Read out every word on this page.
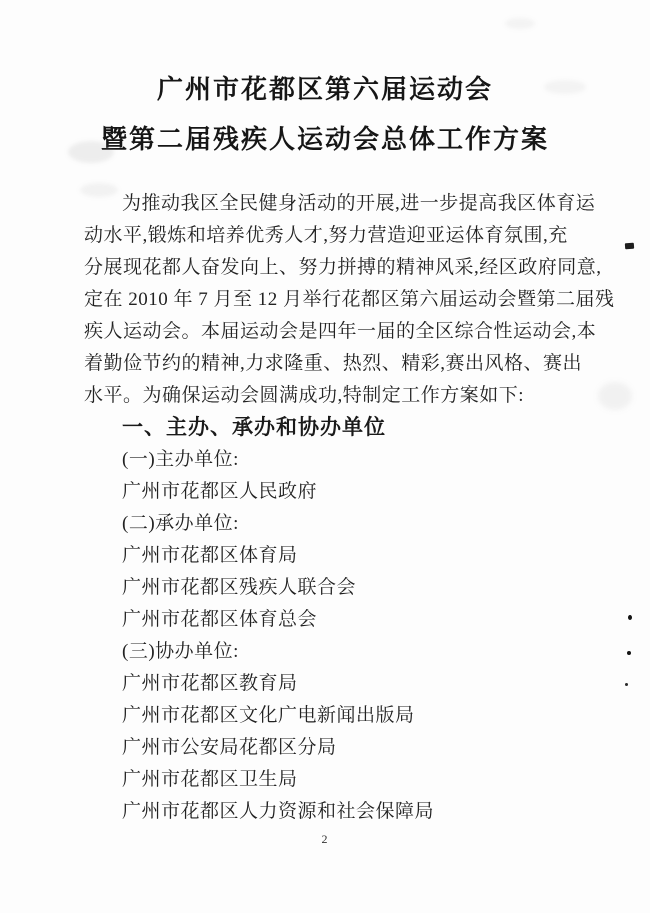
广州市花都区第六届运动会
暨第二届残疾人运动会总体工作方案
为推动我区全民健身活动的开展,进一步提高我区体育运
动水平,锻炼和培养优秀人才,努力营造迎亚运体育氛围,充
分展现花都人奋发向上、努力拼搏的精神风采,经区政府同意,
定在 2010 年 7 月至 12 月举行花都区第六届运动会暨第二届残
疾人运动会。本届运动会是四年一届的全区综合性运动会,本
着勤俭节约的精神,力求隆重、热烈、精彩,赛出风格、赛出
水平。为确保运动会圆满成功,特制定工作方案如下:
一、主办、承办和协办单位
(一)主办单位:
广州市花都区人民政府
(二)承办单位:
广州市花都区体育局
广州市花都区残疾人联合会
广州市花都区体育总会
(三)协办单位:
广州市花都区教育局
广州市花都区文化广电新闻出版局
广州市公安局花都区分局
广州市花都区卫生局
广州市花都区人力资源和社会保障局
2
